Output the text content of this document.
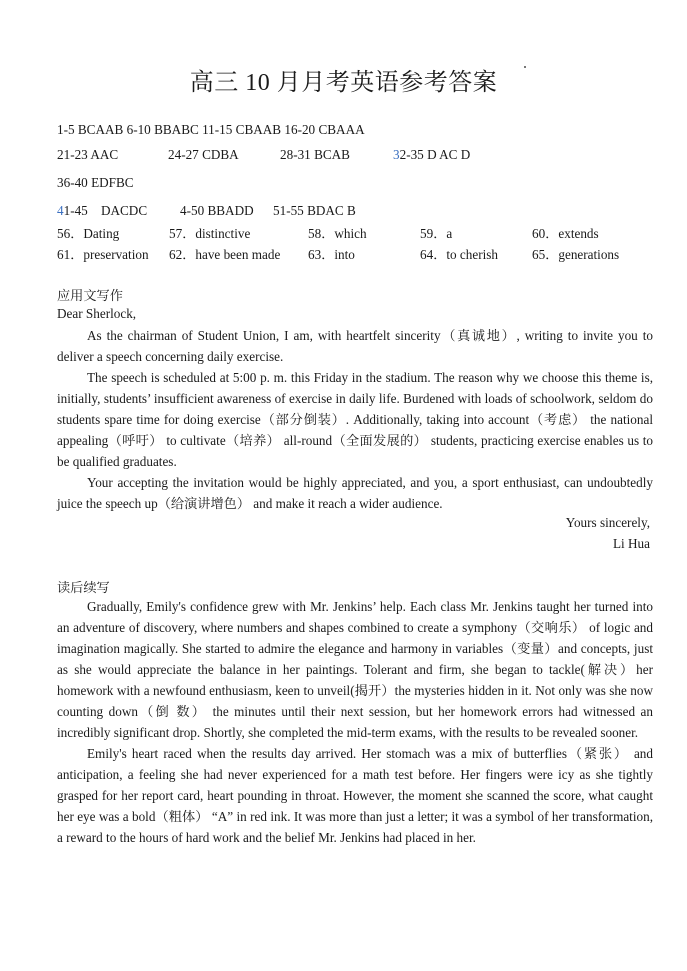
高三 10 月月考英语参考答案
1-5 BCAAB 6-10 BBABC 11-15 CBAAB 16-20 CBAAA
21-23 AAC	24-27 CDBA	28-31 BCAB	32-35 D AC D
36-40 EDFBC
41-45    DACDC 4-50 BBADD 51-55 BDAC B
56．Dating	57．distinctive	58．which	59．a	60．extends
61．preservation 62．have been made 63．into	64．to cherish	65．generations
应用文写作
Dear Sherlock,

As the chairman of Student Union, I am, with heartfelt sincerity（真诚地）, writing to invite you to deliver a speech concerning daily exercise.

The speech is scheduled at 5:00 p. m. this Friday in the stadium. The reason why we choose this theme is, initially, students’ insufficient awareness of exercise in daily life. Burdened with loads of schoolwork, seldom do students spare time for doing exercise（部分倒装）. Additionally, taking into account（考虑） the national appealing（呼吁） to cultivate（培养） all-round（全面发展的） students, practicing exercise enables us to be qualified graduates.

Your accepting the invitation would be highly appreciated, and you, a sport enthusiast, can undoubtedly juice the speech up（给演讲增色） and make it reach a wider audience.

Yours sincerely,
Li Hua
读后续写

Gradually, Emily's confidence grew with Mr. Jenkins’ help. Each class Mr. Jenkins taught her turned into an adventure of discovery, where numbers and shapes combined to create a symphony（交响乐） of logic and imagination magically. She started to admire the elegance and harmony in variables（变量）and concepts, just as she would appreciate the balance in her paintings. Tolerant and firm, she began to tackle(解决）her homework with a newfound enthusiasm, keen to unveil(揭开）the mysteries hidden in it. Not only was she now counting down（倒 数） the minutes until their next session, but her homework errors had witnessed an incredibly significant drop. Shortly, she completed the mid-term exams, with the results to be revealed sooner.

Emily's heart raced when the results day arrived. Her stomach was a mix of butterflies（紧张） and anticipation, a feeling she had never experienced for a math test before. Her fingers were icy as she tightly grasped for her report card, heart pounding in throat. However, the moment she scanned the score, what caught her eye was a bold（粗体） “A” in red ink. It was more than just a letter; it was a symbol of her transformation, a reward to the hours of hard work and the belief Mr. Jenkins had placed in her.
